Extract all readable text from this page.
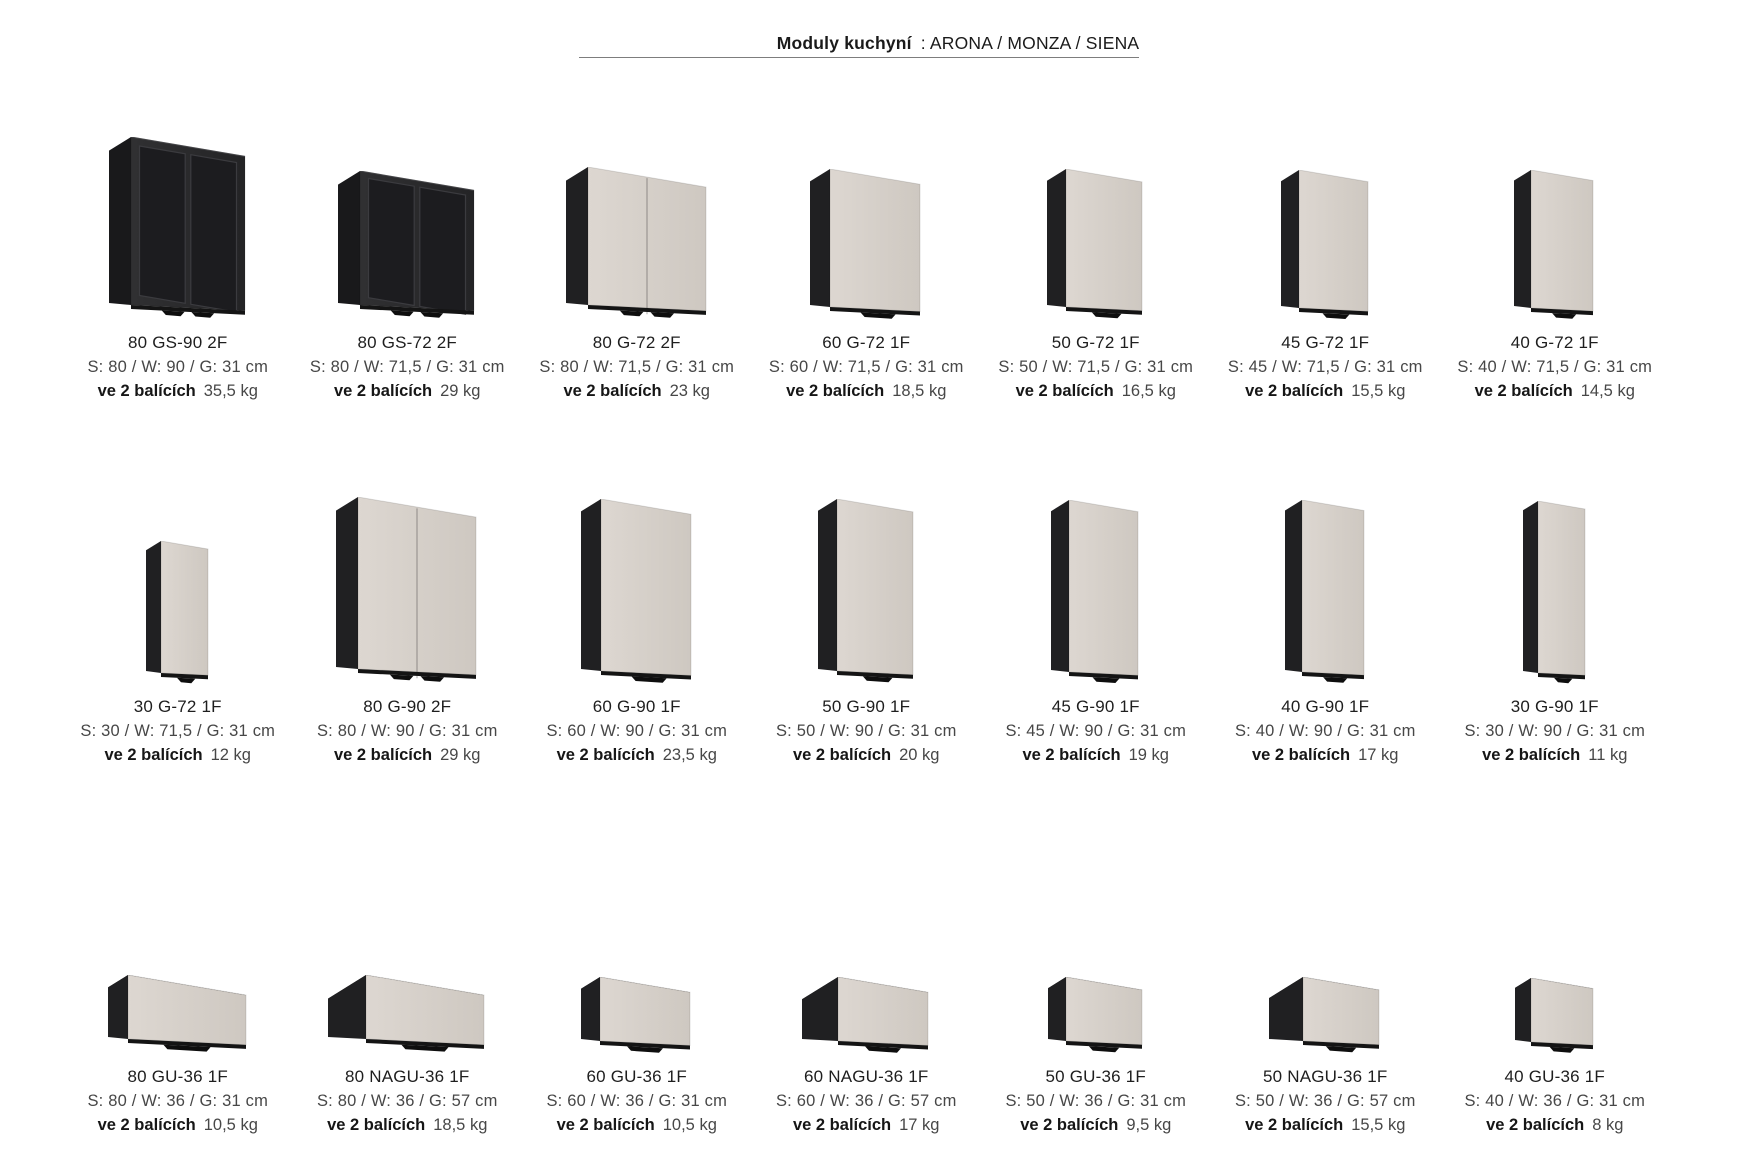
Moduly kuchyní : ARONA / MONZA / SIENA
80 GS-90 2F
S: 80 / W: 90 / G: 31 cm
ve 2 balících 35,5 kg
80 GS-72 2F
S: 80 / W: 71,5 / G: 31 cm
ve 2 balících 29 kg
80 G-72 2F
S: 80 / W: 71,5 / G: 31 cm
ve 2 balících 23 kg
60 G-72 1F
S: 60 / W: 71,5 / G: 31 cm
ve 2 balících 18,5 kg
50 G-72 1F
S: 50 / W: 71,5 / G: 31 cm
ve 2 balících 16,5 kg
45 G-72 1F
S: 45 / W: 71,5 / G: 31 cm
ve 2 balících 15,5 kg
40 G-72 1F
S: 40 / W: 71,5 / G: 31 cm
ve 2 balících 14,5 kg
30 G-72 1F
S: 30 / W: 71,5 / G: 31 cm
ve 2 balících 12 kg
80 G-90 2F
S: 80 / W: 90 / G: 31 cm
ve 2 balících 29 kg
60 G-90 1F
S: 60 / W: 90 / G: 31 cm
ve 2 balících 23,5 kg
50 G-90 1F
S: 50 / W: 90 / G: 31 cm
ve 2 balících 20 kg
45 G-90 1F
S: 45 / W: 90 / G: 31 cm
ve 2 balících 19 kg
40 G-90 1F
S: 40 / W: 90 / G: 31 cm
ve 2 balících 17 kg
30 G-90 1F
S: 30 / W: 90 / G: 31 cm
ve 2 balících 11 kg
80 GU-36 1F
S: 80 / W: 36 / G: 31 cm
ve 2 balících 10,5 kg
80 NAGU-36 1F
S: 80 / W: 36 / G: 57 cm
ve 2 balících 18,5 kg
60 GU-36 1F
S: 60 / W: 36 / G: 31 cm
ve 2 balících 10,5 kg
60 NAGU-36 1F
S: 60 / W: 36 / G: 57 cm
ve 2 balících 17 kg
50 GU-36 1F
S: 50 / W: 36 / G: 31 cm
ve 2 balících 9,5 kg
50 NAGU-36 1F
S: 50 / W: 36 / G: 57 cm
ve 2 balících 15,5 kg
40 GU-36 1F
S: 40 / W: 36 / G: 31 cm
ve 2 balících 8 kg
